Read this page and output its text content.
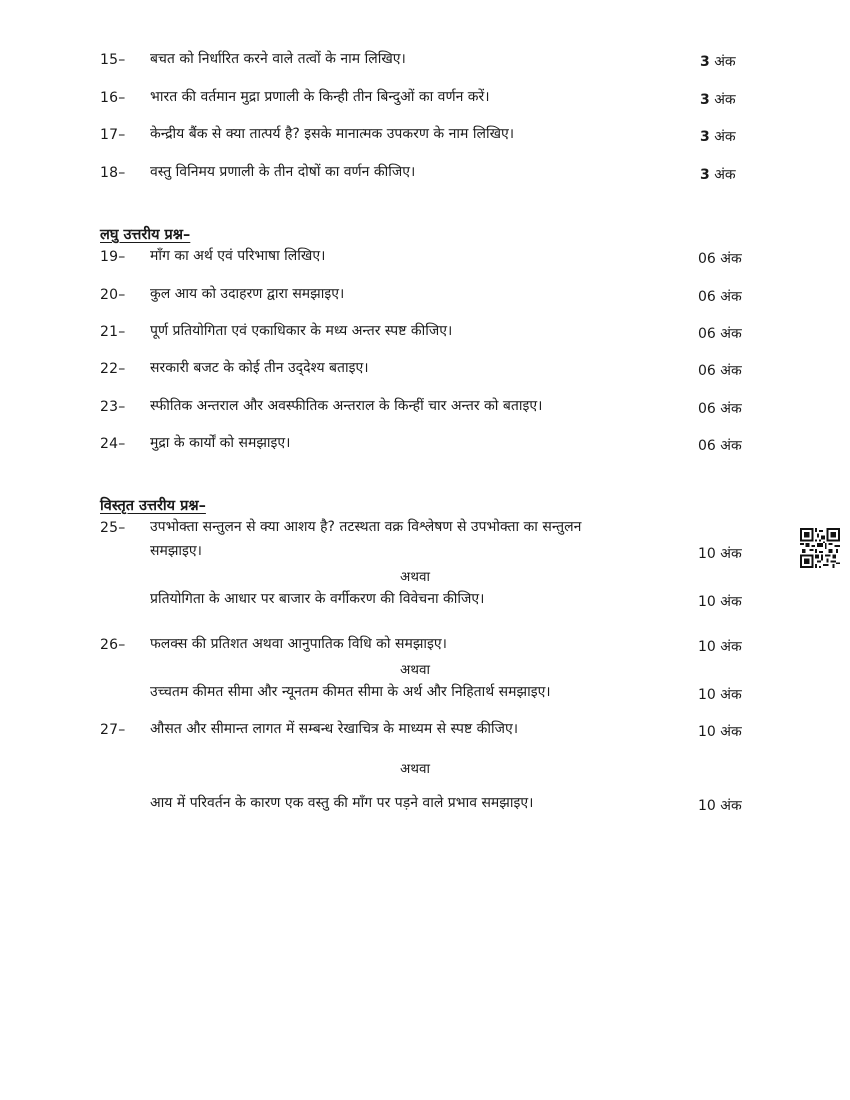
15– बचत को निर्धारित करने वाले तत्वों के नाम लिखिए।	3 अंक
16– भारत की वर्तमान मुद्रा प्रणाली के किन्ही तीन बिन्दुओं का वर्णन करें।	3 अंक
17– केन्द्रीय बैंक से क्या तात्पर्य है? इसके मानात्मक उपकरण के नाम लिखिए।	3 अंक
18– वस्तु विनिमय प्रणाली के तीन दोषों का वर्णन कीजिए।	3 अंक
लघु उत्तरीय प्रश्न–
19– माँग का अर्थ एवं परिभाषा लिखिए।	06 अंक
20– कुल आय को उदाहरण द्वारा समझाइए।	06 अंक
21– पूर्ण प्रतियोगिता एवं एकाधिकार के मध्य अन्तर स्पष्ट कीजिए।	06 अंक
22– सरकारी बजट के कोई तीन उद्‌देश्य बताइए।	06 अंक
23– स्फीतिक अन्तराल और अवस्फीतिक अन्तराल के किन्हीं चार अन्तर को बताइए।	06 अंक
24– मुद्रा के कार्यों को समझाइए।	06 अंक
विस्तृत उत्तरीय प्रश्न–
25– उपभोक्ता सन्तुलन से क्या आशय है? तटस्थता वक्र विश्लेषण से उपभोक्ता का सन्तुलन
समझाइए।	10 अंक
अथवा
प्रतियोगिता के आधार पर बाजार के वर्गीकरण की विवेचना कीजिए।	10 अंक
26– फलक्स की प्रतिशत अथवा आनुपातिक विधि को समझाइए।	10 अंक
अथवा
उच्चतम कीमत सीमा और न्यूनतम कीमत सीमा के अर्थ और निहितार्थ समझाइए।	10 अंक
27– औसत और सीमान्त लागत में सम्बन्ध रेखाचित्र के माध्यम से स्पष्ट कीजिए।	10 अंक
अथवा
आय में परिवर्तन के कारण एक वस्तु की माँग पर पड़ने वाले प्रभाव समझाइए।	10 अंक
